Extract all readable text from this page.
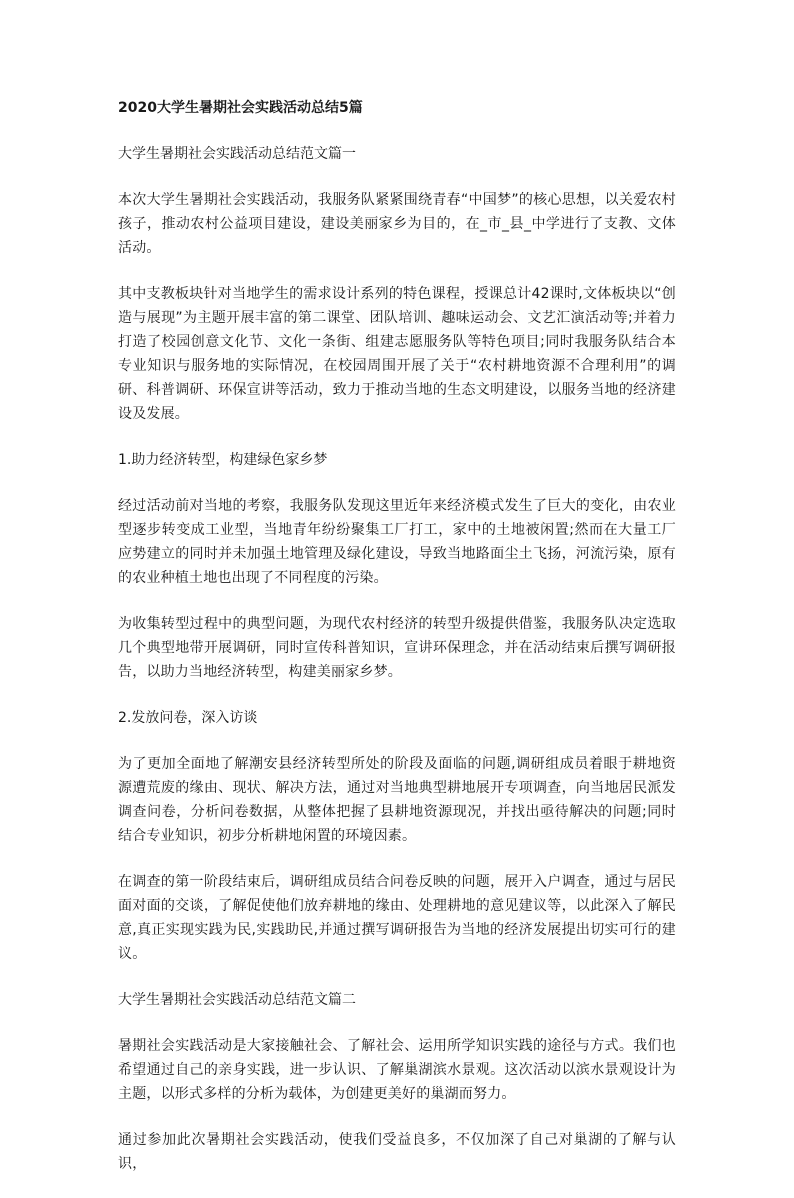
2020大学生暑期社会实践活动总结5篇
大学生暑期社会实践活动总结范文篇一
本次大学生暑期社会实践活动，我服务队紧紧围绕青春“中国梦”的核心思想，以关爱农村孩子，推动农村公益项目建设，建设美丽家乡为目的，在_市_县_中学进行了支教、文体活动。
其中支教板块针对当地学生的需求设计系列的特色课程，授课总计42课时,文体板块以“创造与展现”为主题开展丰富的第二课堂、团队培训、趣味运动会、文艺汇演活动等;并着力打造了校园创意文化节、文化一条街、组建志愿服务队等特色项目;同时我服务队结合本专业知识与服务地的实际情况，在校园周围开展了关于“农村耕地资源不合理利用”的调研、科普调研、环保宣讲等活动，致力于推动当地的生态文明建设，以服务当地的经济建设及发展。
1.助力经济转型，构建绿色家乡梦
经过活动前对当地的考察，我服务队发现这里近年来经济模式发生了巨大的变化，由农业型逐步转变成工业型，当地青年纷纷聚集工厂打工，家中的土地被闲置;然而在大量工厂应势建立的同时并未加强土地管理及绿化建设，导致当地路面尘土飞扬，河流污染，原有的农业种植土地也出现了不同程度的污染。
为收集转型过程中的典型问题，为现代农村经济的转型升级提供借鉴，我服务队决定选取几个典型地带开展调研，同时宣传科普知识，宣讲环保理念，并在活动结束后撰写调研报告，以助力当地经济转型，构建美丽家乡梦。
2.发放问卷，深入访谈
为了更加全面地了解潮安县经济转型所处的阶段及面临的问题,调研组成员着眼于耕地资源遭荒废的缘由、现状、解决方法，通过对当地典型耕地展开专项调查，向当地居民派发调查问卷，分析问卷数据，从整体把握了县耕地资源现况，并找出亟待解决的问题;同时结合专业知识，初步分析耕地闲置的环境因素。
在调查的第一阶段结束后，调研组成员结合问卷反映的问题，展开入户调查，通过与居民面对面的交谈，了解促使他们放弃耕地的缘由、处理耕地的意见建议等，以此深入了解民意,真正实现实践为民,实践助民,并通过撰写调研报告为当地的经济发展提出切实可行的建议。
大学生暑期社会实践活动总结范文篇二
暑期社会实践活动是大家接触社会、了解社会、运用所学知识实践的途径与方式。我们也希望通过自己的亲身实践，进一步认识、了解巢湖滨水景观。这次活动以滨水景观设计为主题，以形式多样的分析为载体，为创建更美好的巢湖而努力。
通过参加此次暑期社会实践活动，使我们受益良多，不仅加深了自己对巢湖的了解与认识，
